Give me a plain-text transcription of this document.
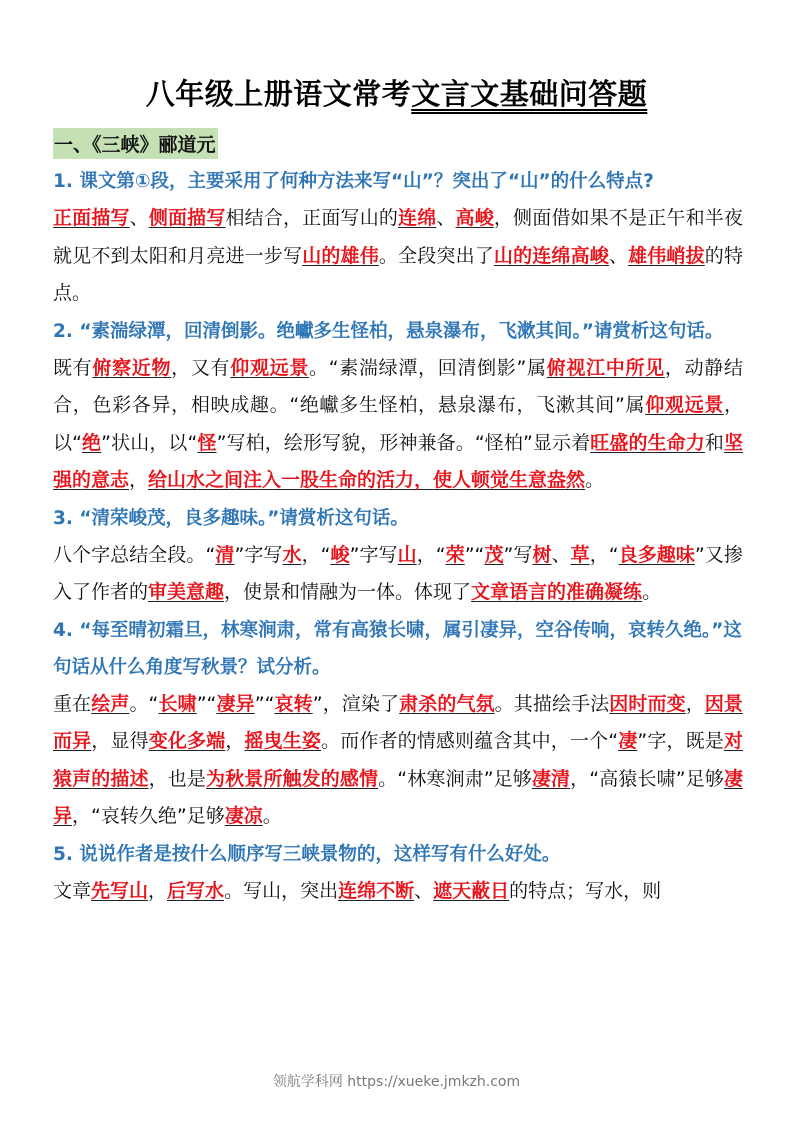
八年级上册语文常考文言文基础问答题
一、《三峡》郦道元

1. 课文第①段，主要采用了何种方法来写“山”？突出了“山”的什么特点?

正面描写、侧面描写相结合，正面写山的连绵、高峻，侧面借如果不是正午和半夜就见不到太阳和月亮进一步写山的雄伟。全段突出了山的连绵高峻、雄伟峭拔的特点。

2. “素湍绿潭，回清倒影。绝巘多生怪柏，悬泉瀑布，飞漱其间。”请赏析这句话。

既有俯察近物，又有仰观远景。“素湍绿潭，回清倒影”属俯视江中所见，动静结合，色彩各异，相映成趣。“绝巘多生怪柏，悬泉瀑布，飞漱其间”属仰观远景，以“绝”状山，以“怪”写柏，绘形写貌，形神兼备。“怪柏”显示着旺盛的生命力和坚强的意志，给山水之间注入一股生命的活力，使人顿觉生意盎然。

3. “清荣峻茂，良多趣味。”请赏析这句话。

八个字总结全段。“清”字写水，“峻”字写山，“荣”“茂”写树、草，“良多趣味”又掺入了作者的审美意趣，使景和情融为一体。体现了文章语言的准确凝练。

4. “每至晴初霜旦，林寒涧肃，常有高猿长啸，属引凄异，空谷传响，哀转久绝。”这句话从什么角度写秋景？试分析。

重在绘声。“长啸”“凄异”“哀转”，渲染了肃杀的气氛。其描绘手法因时而变，因景而异，显得变化多端，摇曳生姿。而作者的情感则蕴含其中，一个“凄”字，既是对猿声的描述，也是为秋景所触发的感情。“林寒涧肃”足够凄清，“高猿长啸”足够凄异，“哀转久绝”足够凄凉。

5. 说说作者是按什么顺序写三峡景物的，这样写有什么好处。

文章先写山，后写水。写山，突出连绵不断、遮天蔽日的特点；写水，则

领航学科网 https://xueke.jmkzh.com
